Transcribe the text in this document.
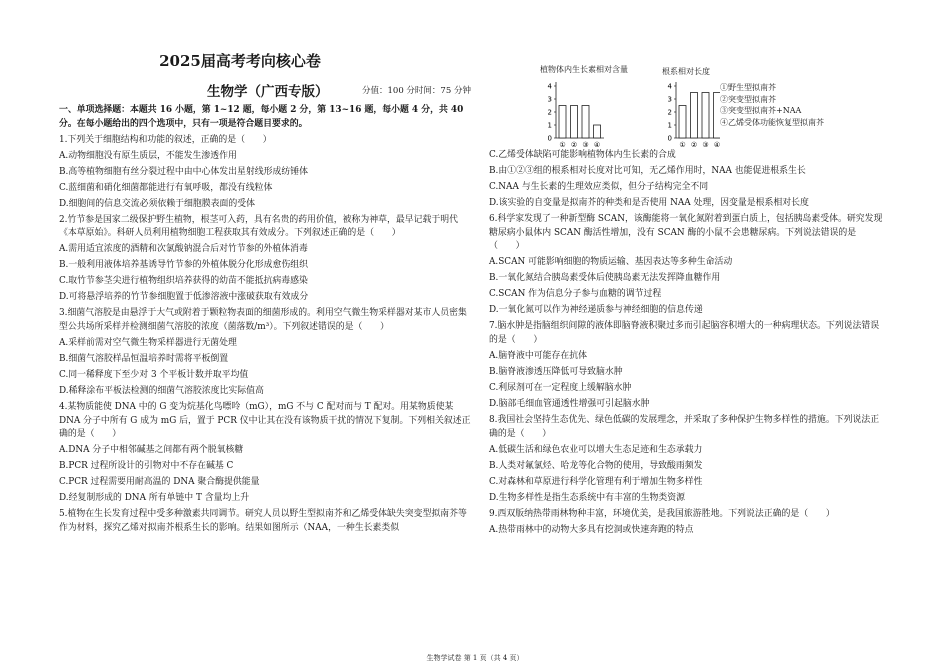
2025届高考考向核心卷
生物学（广西专版）	分值：100 分时间：75 分钟

一、单项选择题：本题共 16 小题，第 1~12 题，每小题 2 分，第 13~16 题，每小题 4 分，共 40 分。在每小题给出的四个选项中，只有一项是符合题目要求的。

1.下列关于细胞结构和功能的叙述，正确的是（　　）

A.动物细胞没有原生质层，不能发生渗透作用

B.高等植物细胞有丝分裂过程中由中心体发出星射线形成纺锤体

C.蓝细菌和硝化细菌都能进行有氧呼吸，都没有线粒体

D.细胞间的信息交流必须依赖于细胞膜表面的受体

2.竹节参是国家二级保护野生植物，根茎可入药，具有名贵的药用价值，被称为神草，最早记载于明代《本草原始》。科研人员利用植物细胞工程获取其有效成分。下列叙述正确的是（　　）

A.需用适宜浓度的酒精和次氯酸钠混合后对竹节参的外植体消毒

B.一般利用液体培养基诱导竹节参的外植体脱分化形成愈伤组织

C.取竹节参茎尖进行植物组织培养获得的幼苗不能抵抗病毒感染

D.可将悬浮培养的竹节参细胞置于低渗溶液中涨破获取有效成分

3.细菌气溶胶是由悬浮于大气或附着于颗粒物表面的细菌形成的。利用空气微生物采样器对某市人员密集型公共场所采样并检测细菌气溶胶的浓度（菌落数/m³）。下列叙述错误的是（　　）

A.采样前需对空气微生物采样器进行无菌处理

B.细菌气溶胶样品恒温培养时需将平板倒置

C.同一稀释度下至少对 3 个平板计数并取平均值

D.稀释涂布平板法检测的细菌气溶胶浓度比实际值高

4.某物质能使 DNA 中的 G 变为烷基化鸟嘌呤（mG），mG 不与 C 配对而与 T 配对。用某物质使某 DNA 分子中所有 G 成为 mG 后，置于 PCR 仪中让其在没有该物质干扰的情况下复制。下列相关叙述正确的是（　　）

A.DNA 分子中相邻碱基之间都有两个脱氧核糖

B.PCR 过程所设计的引物对中不存在碱基 C

C.PCR 过程需要用耐高温的 DNA 聚合酶提供能量

D.经复制形成的 DNA 所有单链中 T 含量均上升

5.植物在生长发育过程中受多种激素共同调节。研究人员以野生型拟南芥和乙烯受体缺失突变型拟南芥等作为材料，探究乙烯对拟南芥根系生长的影响。结果如图所示（NAA，一种生长素类似

C.乙烯受体缺陷可能影响植物体内生长素的合成

B.由①②③组的根系相对长度对比可知，无乙烯作用时，NAA 也能促进根系生长

C.NAA 与生长素的生理效应类似，但分子结构完全不同

D.该实验的自变量是拟南芥的种类和是否使用 NAA 处理，因变量是根系相对长度

6.科学家发现了一种新型酶 SCAN，该酶能将一氧化氮附着到蛋白质上，包括胰岛素受体。研究发现糖尿病小鼠体内 SCAN 酶活性增加，没有 SCAN 酶的小鼠不会患糖尿病。下列说法错误的是（　　）

A.SCAN 可能影响细胞的物质运输、基因表达等多种生命活动

B.一氧化氮结合胰岛素受体后使胰岛素无法发挥降血糖作用

C.SCAN 作为信息分子参与血糖的调节过程

D.一氧化氮可以作为神经递质参与神经细胞的信息传递

7.脑水肿是指脑组织间隙的液体即脑脊液积聚过多而引起脑容积增大的一种病理状态。下列说法错误的是（　　）

A.脑脊液中可能存在抗体

B.脑脊液渗透压降低可导致脑水肿

C.利尿剂可在一定程度上缓解脑水肿

D.脑部毛细血管通透性增强可引起脑水肿

8.我国社会坚持生态优先、绿色低碳的发展理念，并采取了多种保护生物多样性的措施。下列说法正确的是（　　）

A.低碳生活和绿色农业可以增大生态足迹和生态承载力

B.人类对氟氯烃、哈龙等化合物的使用，导致酸雨频发

C.对森林和草原进行科学化管理有利于增加生物多样性

D.生物多样性是指生态系统中有丰富的生物类资源

9.西双版纳热带雨林物种丰富，环境优美，是我国旅游胜地。下列说法正确的是（　　）

A.热带雨林中的动物大多具有挖洞或快速奔跑的特点

植物体内生长素相对含量
0
1
2
3
4
① ② ③ ④
根系相对长度
0
1
2
3
4
① ② ③ ④
①野生型拟南芥
②突变型拟南芥
③突变型拟南芥+NAA
④乙烯受体功能恢复型拟南芥
生物学试卷 第 1 页（共 4 页）
